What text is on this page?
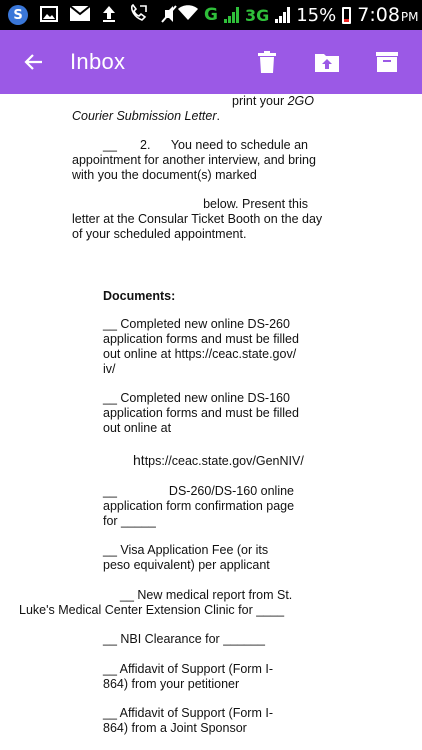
S	G 3G 15% 7:08PM
Inbox
print your 2GO
Courier Submission Letter.
__ 2.	You need to schedule an
appointment for another interview, and bring
with you the document(s) marked
below. Present this
letter at the Consular Ticket Booth on the day
of your scheduled appointment.
Documents:
__ Completed new online DS-260
application forms and must be filled
out online at https://ceac.state.gov/
iv/
__ Completed new online DS-160
application forms and must be filled
out online at
https://ceac.state.gov/GenNIV/
__	DS-260/DS-160 online
application form confirmation page
for _____
__ Visa Application Fee (or its
peso equivalent) per applicant
__ New medical report from St.
Luke's Medical Center Extension Clinic for ____
__ NBI Clearance for ______
__ Affidavit of Support (Form I-
864) from your petitioner
__ Affidavit of Support (Form I-
864) from a Joint Sponsor
